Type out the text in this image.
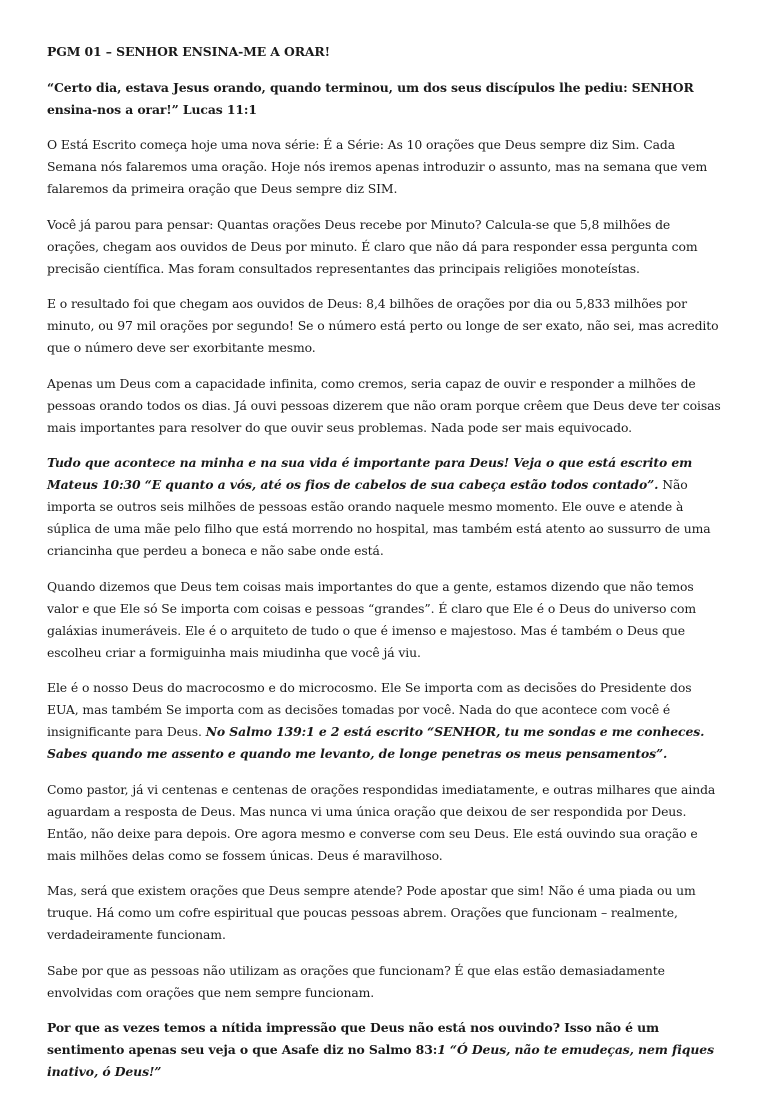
PGM 01 – SENHOR ENSINA-ME A ORAR!

“Certo dia, estava Jesus orando, quando terminou, um dos seus discípulos lhe pediu: SENHOR ensina-nos a orar!” Lucas 11:1

O Está Escrito começa hoje uma nova série: É a Série: As 10 orações que Deus sempre diz Sim. Cada Semana nós falaremos uma oração. Hoje nós iremos apenas introduzir o assunto, mas na semana que vem falaremos da primeira oração que Deus sempre diz SIM.

Você já parou para pensar: Quantas orações Deus recebe por Minuto? Calcula-se que 5,8 milhões de orações, chegam aos ouvidos de Deus por minuto. É claro que não dá para responder essa pergunta com precisão científica. Mas foram consultados representantes das principais religiões monoteístas.

E o resultado foi que chegam aos ouvidos de Deus: 8,4 bilhões de orações por dia ou 5,833 milhões por minuto, ou 97 mil orações por segundo! Se o número está perto ou longe de ser exato, não sei, mas acredito que o número deve ser exorbitante mesmo.

Apenas um Deus com a capacidade infinita, como cremos, seria capaz de ouvir e responder a milhões de pessoas orando todos os dias. Já ouvi pessoas dizerem que não oram porque crêem que Deus deve ter coisas mais importantes para resolver do que ouvir seus problemas. Nada pode ser mais equivocado.

Tudo que acontece na minha e na sua vida é importante para Deus! Veja o que está escrito em Mateus 10:30 “E quanto a vós, até os fios de cabelos de sua cabeça estão todos contado”. Não importa se outros seis milhões de pessoas estão orando naquele mesmo momento. Ele ouve e atende à súplica de uma mãe pelo filho que está morrendo no hospital, mas também está atento ao sussurro de uma criancinha que perdeu a boneca e não sabe onde está.

Quando dizemos que Deus tem coisas mais importantes do que a gente, estamos dizendo que não temos valor e que Ele só Se importa com coisas e pessoas “grandes”. É claro que Ele é o Deus do universo com galáxias inumeráveis. Ele é o arquiteto de tudo o que é imenso e majestoso. Mas é também o Deus que escolheu criar a formiguinha mais miudinha que você já viu.

Ele é o nosso Deus do macrocosmo e do microcosmo. Ele Se importa com as decisões do Presidente dos EUA, mas também Se importa com as decisões tomadas por você. Nada do que acontece com você é insignificante para Deus. No Salmo 139:1 e 2 está escrito “SENHOR, tu me sondas e me conheces. Sabes quando me assento e quando me levanto, de longe penetras os meus pensamentos”.

Como pastor, já vi centenas e centenas de orações respondidas imediatamente, e outras milhares que ainda aguardam a resposta de Deus. Mas nunca vi uma única oração que deixou de ser respondida por Deus. Então, não deixe para depois. Ore agora mesmo e converse com seu Deus. Ele está ouvindo sua oração e mais milhões delas como se fossem únicas. Deus é maravilhoso.

Mas, será que existem orações que Deus sempre atende? Pode apostar que sim! Não é uma piada ou um truque. Há como um cofre espiritual que poucas pessoas abrem. Orações que funcionam – realmente, verdadeiramente funcionam.

Sabe por que as pessoas não utilizam as orações que funcionam? É que elas estão demasiadamente envolvidas com orações que nem sempre funcionam.

Por que as vezes temos a nítida impressão que Deus não está nos ouvindo? Isso não é um sentimento apenas seu veja o que Asafe diz no Salmo 83:1 “Ó Deus, não te emudeças, nem fiques inativo, ó Deus!”
